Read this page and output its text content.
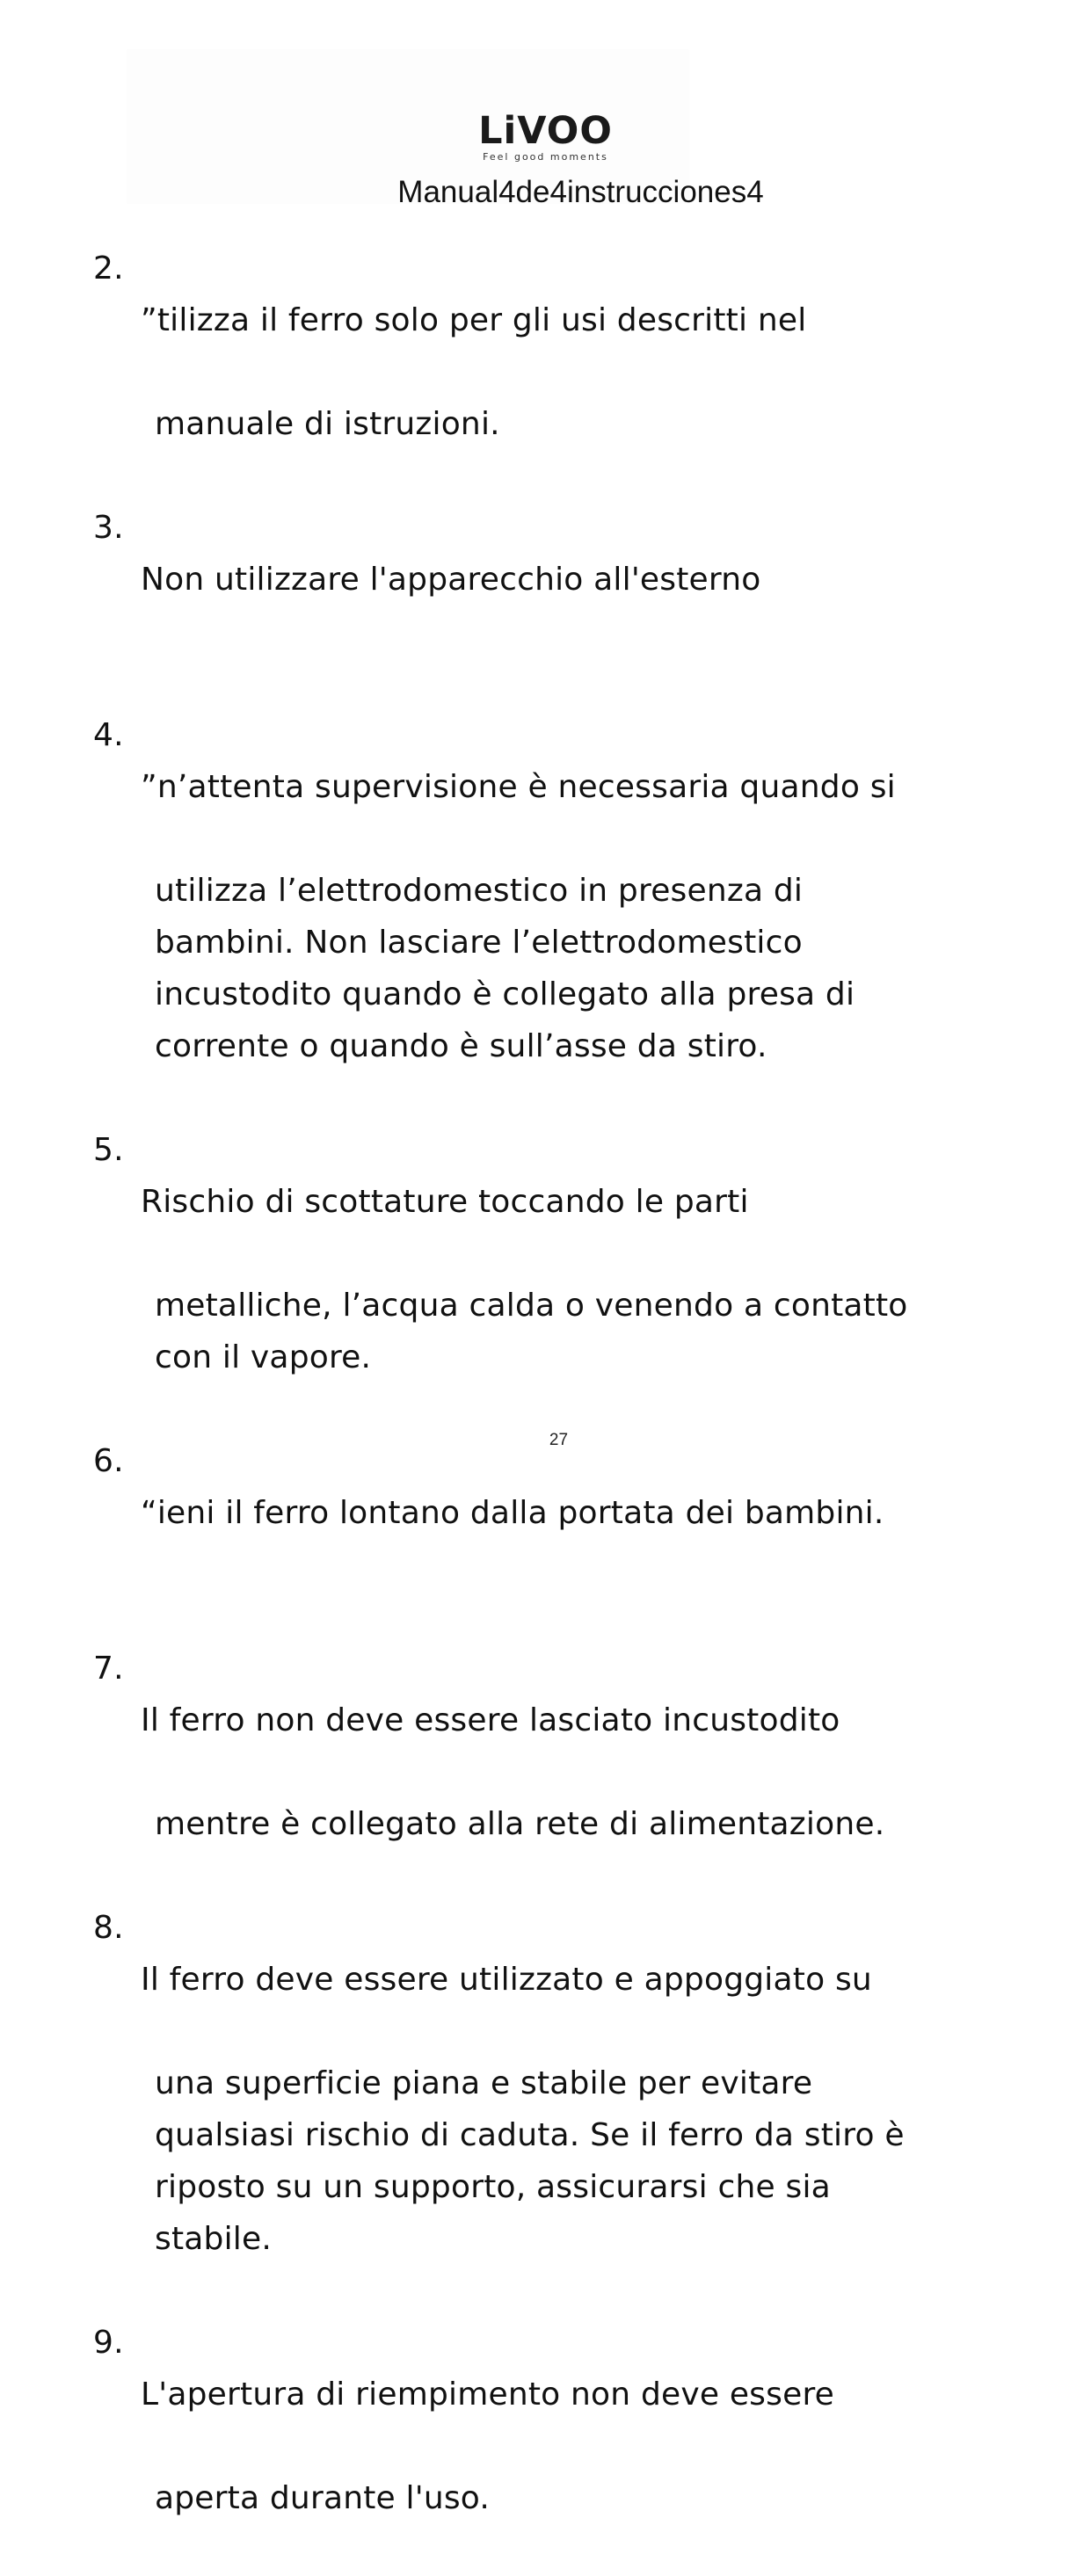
LiVOO
Feel good moments
Manual4de4instrucciones4
2.

”tilizza il ferro solo per gli usi descritti nel

manuale di istruzioni.

3.

Non utilizzare l'apparecchio all'esterno

4.

”n’attenta supervisione è necessaria quando si

utilizza l’elettrodomestico in presenza di
bambini. Non lasciare l’elettrodomestico
incustodito quando è collegato alla presa di
corrente o quando è sull’asse da stiro.

5.

Rischio di scottature toccando le parti

metalliche, l’acqua calda o venendo a contatto
con il vapore.

6.

“ieni il ferro lontano dalla portata dei bambini.

7.

Il ferro non deve essere lasciato incustodito

mentre è collegato alla rete di alimentazione.

8.

Il ferro deve essere utilizzato e appoggiato su

una superficie piana e stabile per evitare
qualsiasi rischio di caduta. Se il ferro da stiro è
riposto su un supporto, assicurarsi che sia
stabile.

9.

L'apertura di riempimento non deve essere

aperta durante l'uso.

27
